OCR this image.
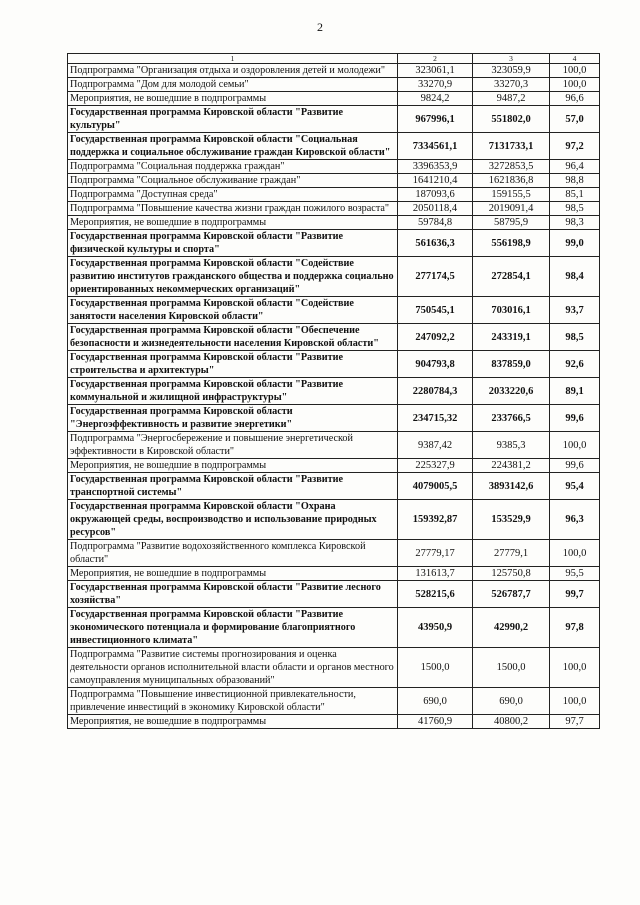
2
1	2	3	4
Подпрограмма "Организация отдыха и оздоровления детей и молодежи"	323061,1	323059,9	100,0
Подпрограмма "Дом для молодой семьи"	33270,9	33270,3	100,0
Мероприятия, не вошедшие в подпрограммы	9824,2	9487,2	96,6
Государственная программа Кировской области "Развитие культуры"	967996,1	551802,0	57,0
Государственная программа Кировской области "Социальная поддержка и социальное обслуживание граждан Кировской области"	7334561,1	7131733,1	97,2
Подпрограмма "Социальная поддержка граждан"	3396353,9	3272853,5	96,4
Подпрограмма "Социальное обслуживание граждан"	1641210,4	1621836,8	98,8
Подпрограмма "Доступная среда"	187093,6	159155,5	85,1
Подпрограмма "Повышение качества жизни граждан пожилого возраста"	2050118,4	2019091,4	98,5
Мероприятия, не вошедшие в подпрограммы	59784,8	58795,9	98,3
Государственная программа Кировской области "Развитие физической культуры и спорта"	561636,3	556198,9	99,0
Государственная программа Кировской области "Содействие развитию институтов гражданского общества и поддержка социально ориентированных некоммерческих организаций"	277174,5	272854,1	98,4
Государственная программа Кировской области "Содействие занятости населения Кировской области"	750545,1	703016,1	93,7
Государственная программа Кировской области "Обеспечение безопасности и жизнедеятельности населения Кировской области"	247092,2	243319,1	98,5
Государственная программа Кировской области "Развитие строительства и архитектуры"	904793,8	837859,0	92,6
Государственная программа Кировской области "Развитие коммунальной и жилищной инфраструктуры"	2280784,3	2033220,6	89,1
Государственная программа Кировской области "Энергоэффективность и развитие энергетики"	234715,32	233766,5	99,6
Подпрограмма "Энергосбережение и повышение энергетической эффективности в Кировской области"	9387,42	9385,3	100,0
Мероприятия, не вошедшие в подпрограммы	225327,9	224381,2	99,6
Государственная программа Кировской области "Развитие транспортной системы"	4079005,5	3893142,6	95,4
Государственная программа Кировской области "Охрана окружающей среды, воспроизводство и использование природных ресурсов"	159392,87	153529,9	96,3
Подпрограмма "Развитие водохозяйственного комплекса Кировской области"	27779,17	27779,1	100,0
Мероприятия, не вошедшие в подпрограммы	131613,7	125750,8	95,5
Государственная программа Кировской области "Развитие лесного хозяйства"	528215,6	526787,7	99,7
Государственная программа Кировской области "Развитие экономического потенциала и формирование благоприятного инвестиционного климата"	43950,9	42990,2	97,8
Подпрограмма "Развитие системы прогнозирования и оценка деятельности органов исполнительной власти области и органов местного самоуправления муниципальных образований"	1500,0	1500,0	100,0
Подпрограмма "Повышение инвестиционной привлекательности, привлечение инвестиций в экономику Кировской области"	690,0	690,0	100,0
Мероприятия, не вошедшие в подпрограммы	41760,9	40800,2	97,7
